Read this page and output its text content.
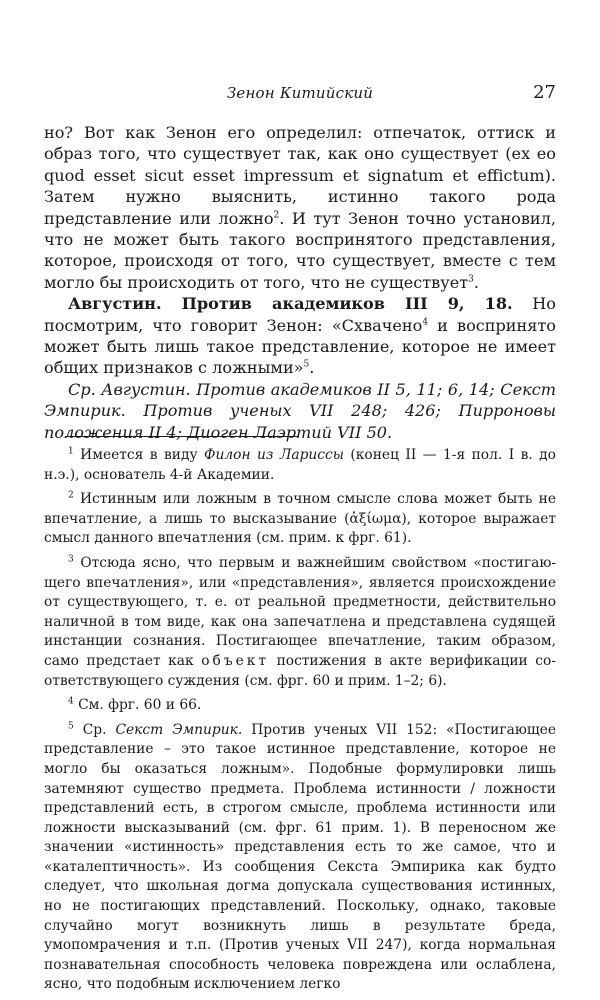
Зенон Китийский	27

но? Вот как Зенон его определил: отпечаток, оттиск и образ того, что существует так, как оно существует (ex eo quod esset sicut esset impressum et signatum et effictum). Затем нужно выяснить, истинно такого рода представление или ложно$^2$. И тут Зенон точно установил, что не может быть такого воспринятого представления, которое, происходя от того, что существует, вместе с тем могло бы происходить от того, что не существует$^3$.

Августин. Против академиков III 9, 18. Но посмотрим, что говорит Зенон: «Схвачено$^4$ и воспринято может быть лишь такое представление, которое не имеет общих признаков с ложными»$^5$.

Ср. Августин. Против академиков II 5, 11; 6, 14; Секст Эмпирик. Против ученых VII 248; 426; Пирроновы положения II 4; Диоген Лаэртий VII 50.

$^1$ Имеется в виду Филон из Лариссы (конец II — 1-я пол. I в. до н.э.), основатель 4-й Академии.

$^2$ Истинным или ложным в точном смысле слова может быть не впечатление, а лишь то высказывание (ἀξίωμα), которое выражает смысл данного впечатления (см. прим. к фрг. 61).

$^3$ Отсюда ясно, что первым и важнейшим свойством «постигающего впечатления», или «представления», является происхождение от существующего, т. е. от реальной предметности, действительно наличной в том виде, как она запечатлена и представлена судящей инстанции сознания. Постигающее впечатление, таким образом, само предстает как объект постижения в акте верификации соответствующего суждения (см. фрг. 60 и прим. 1–2; 6).

$^4$ См. фрг. 60 и 66.

$^5$ Ср. Секст Эмпирик. Против ученых VII 152: «Постигающее представление – это такое истинное представление, которое не могло бы оказаться ложным». Подобные формулировки лишь затемняют существо предмета. Проблема истинности / ложности представлений есть, в строгом смысле, проблема истинности или ложности высказываний (см. фрг. 61 прим. 1). В переносном же значении «истинность» представления есть то же самое, что и «каталептичность». Из сообщения Секста Эмпирика как будто следует, что школьная догма допускала существования истинных, но не постигающих представлений. Поскольку, однако, таковые случайно могут возникнуть лишь в результате бреда, умопомрачения и т.п. (Против ученых VII 247), когда нормальная познавательная способность человека повреждена или ослаблена, ясно, что подобным исключением легко
